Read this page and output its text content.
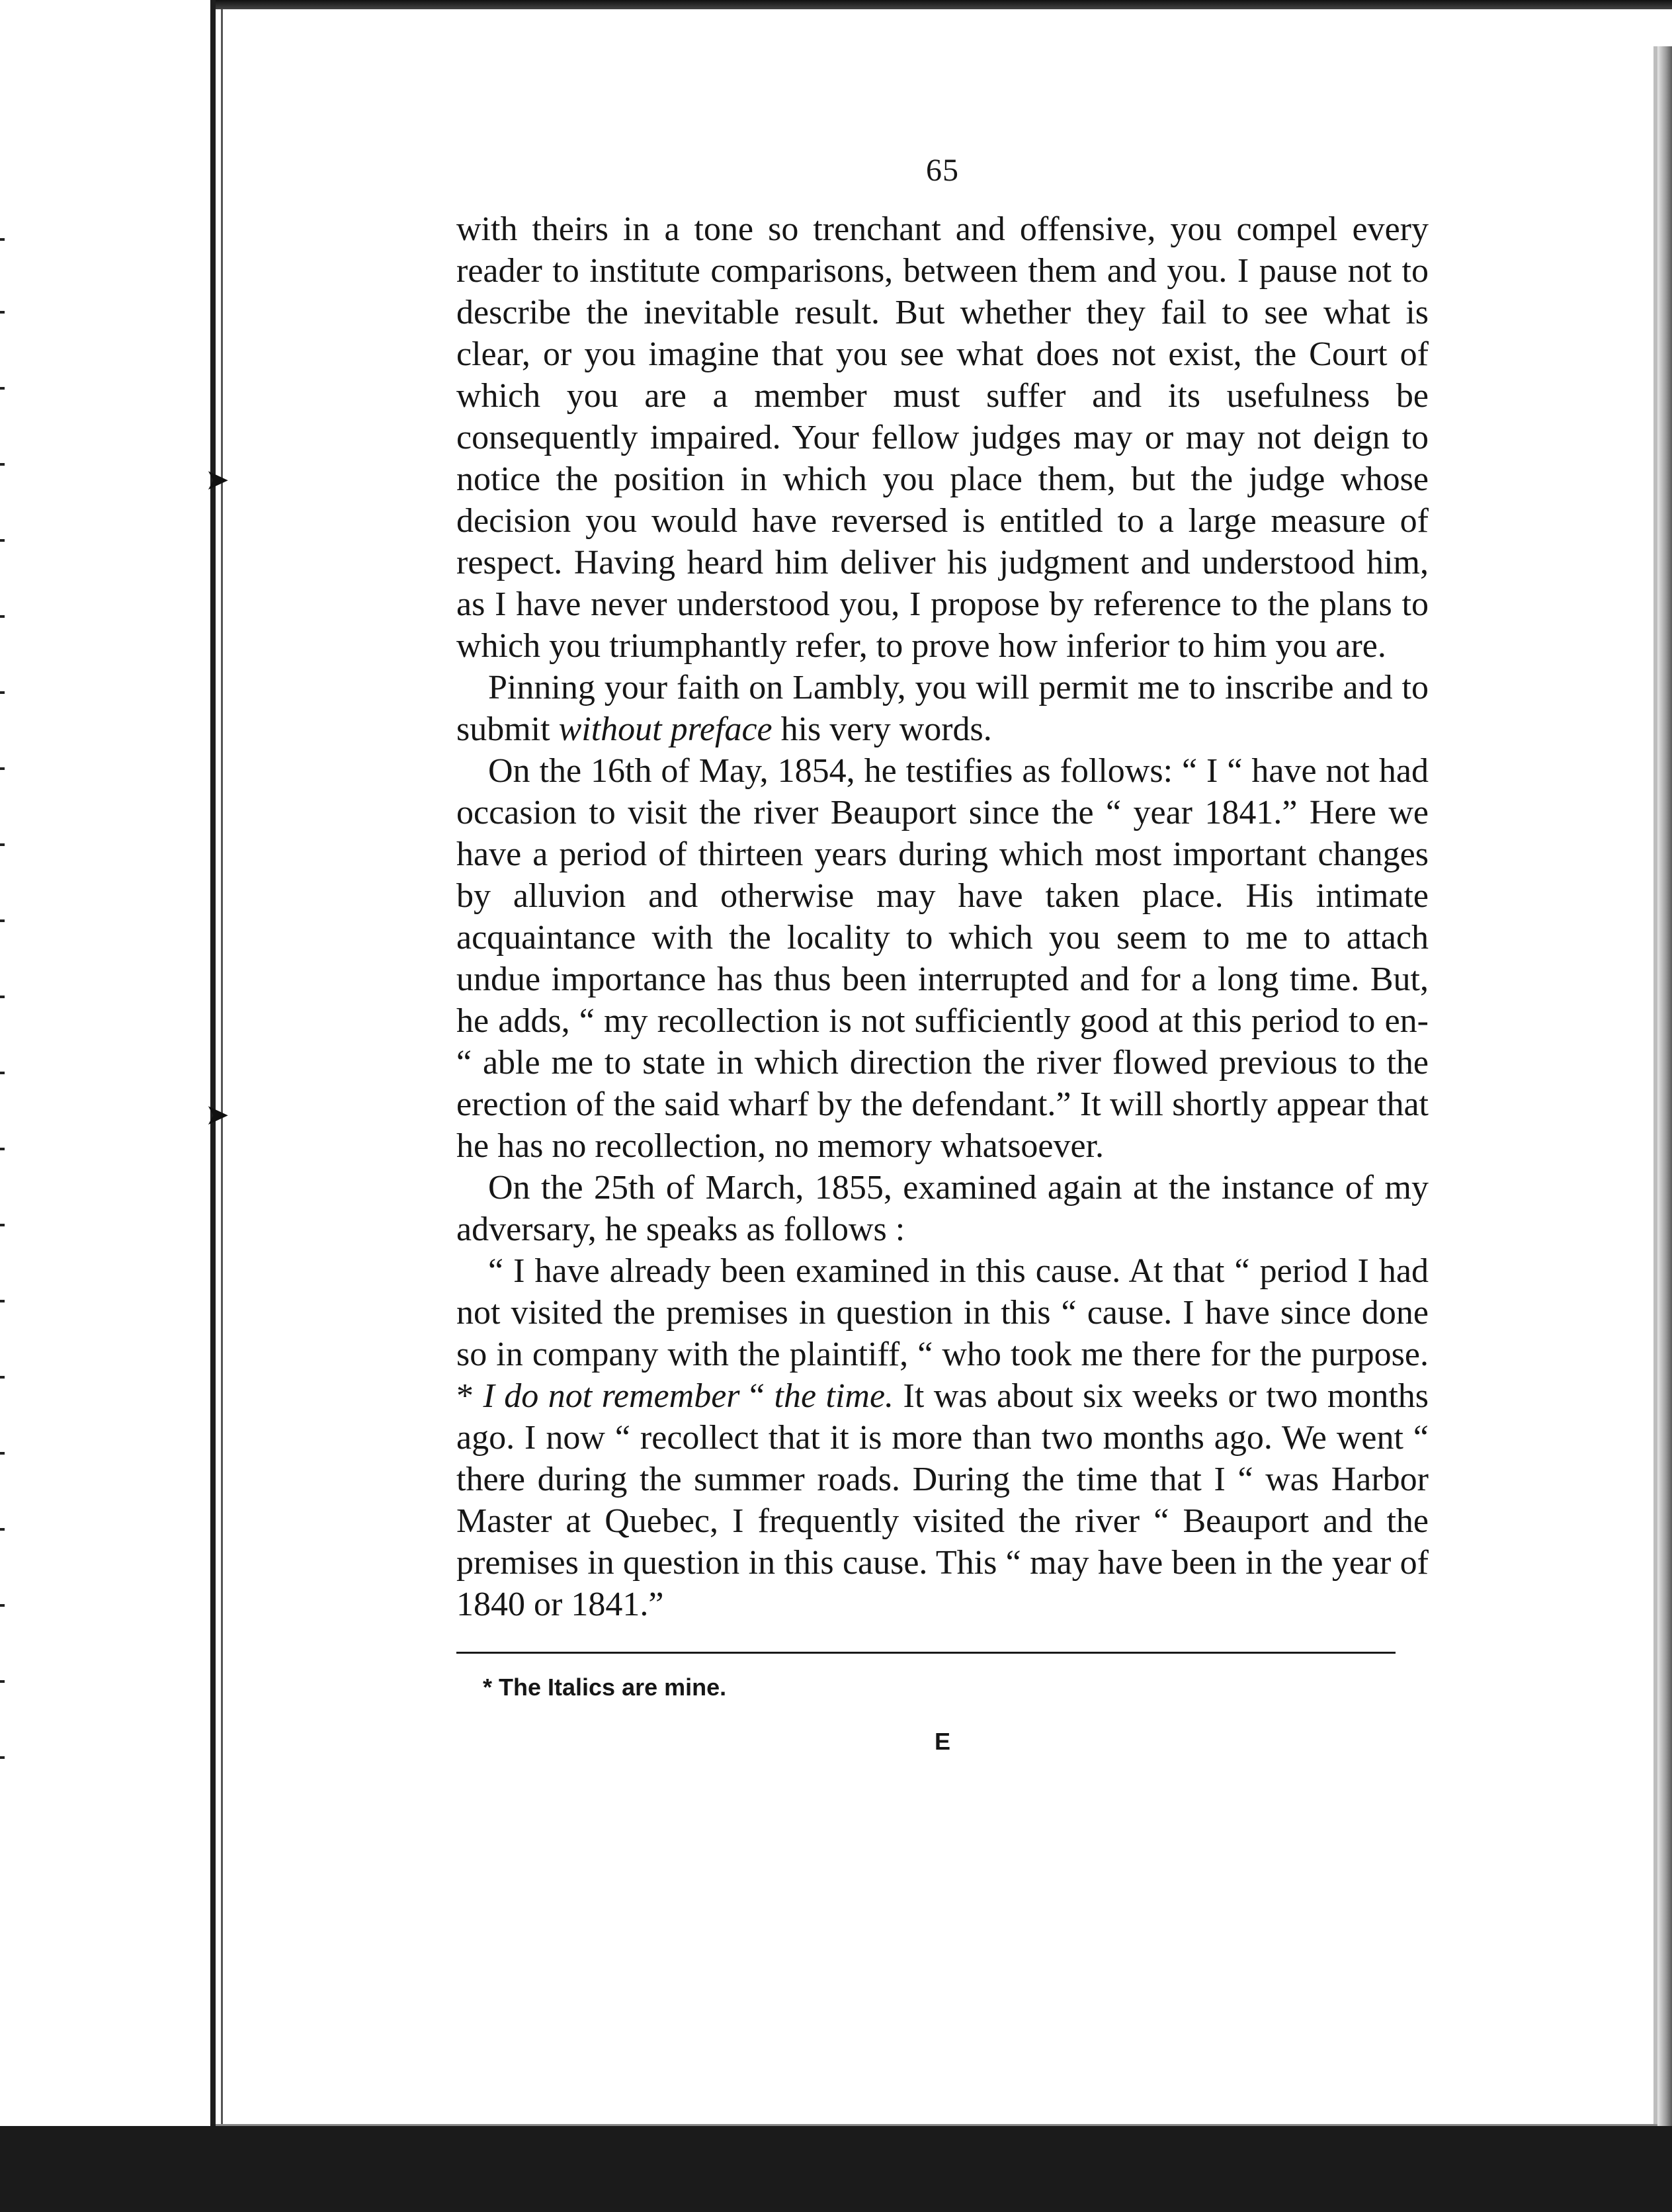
➤
➤
65

with theirs in a tone so trenchant and offensive, you compel every reader to institute comparisons, between them and you. I pause not to describe the inevitable result. But whether they fail to see what is clear, or you imagine that you see what does not exist, the Court of which you are a member must suffer and its usefulness be consequently impaired. Your fellow judges may or may not deign to notice the position in which you place them, but the judge whose decision you would have reversed is entitled to a large measure of respect. Having heard him deliver his judgment and understood him, as I have never understood you, I propose by reference to the plans to which you triumphantly refer, to prove how inferior to him you are.

Pinning your faith on Lambly, you will permit me to inscribe and to submit without preface his very words.

On the 16th of May, 1854, he testifies as follows: “ I “ have not had occasion to visit the river Beauport since the “ year 1841.” Here we have a period of thirteen years during which most important changes by alluvion and otherwise may have taken place. His intimate acquaintance with the locality to which you seem to me to attach undue importance has thus been interrupted and for a long time. But, he adds, “ my recollection is not sufficiently good at this period to en- “ able me to state in which direction the river flowed previous to the erection of the said wharf by the defendant.” It will shortly appear that he has no recollection, no memory whatsoever.

On the 25th of March, 1855, examined again at the instance of my adversary, he speaks as follows :

“ I have already been examined in this cause. At that “ period I had not visited the premises in question in this “ cause. I have since done so in company with the plaintiff, “ who took me there for the purpose. * I do not remember “ the time. It was about six weeks or two months ago. I now “ recollect that it is more than two months ago. We went “ there during the summer roads. During the time that I “ was Harbor Master at Quebec, I frequently visited the river “ Beauport and the premises in question in this cause. This “ may have been in the year of 1840 or 1841.”

* The Italics are mine.
E
